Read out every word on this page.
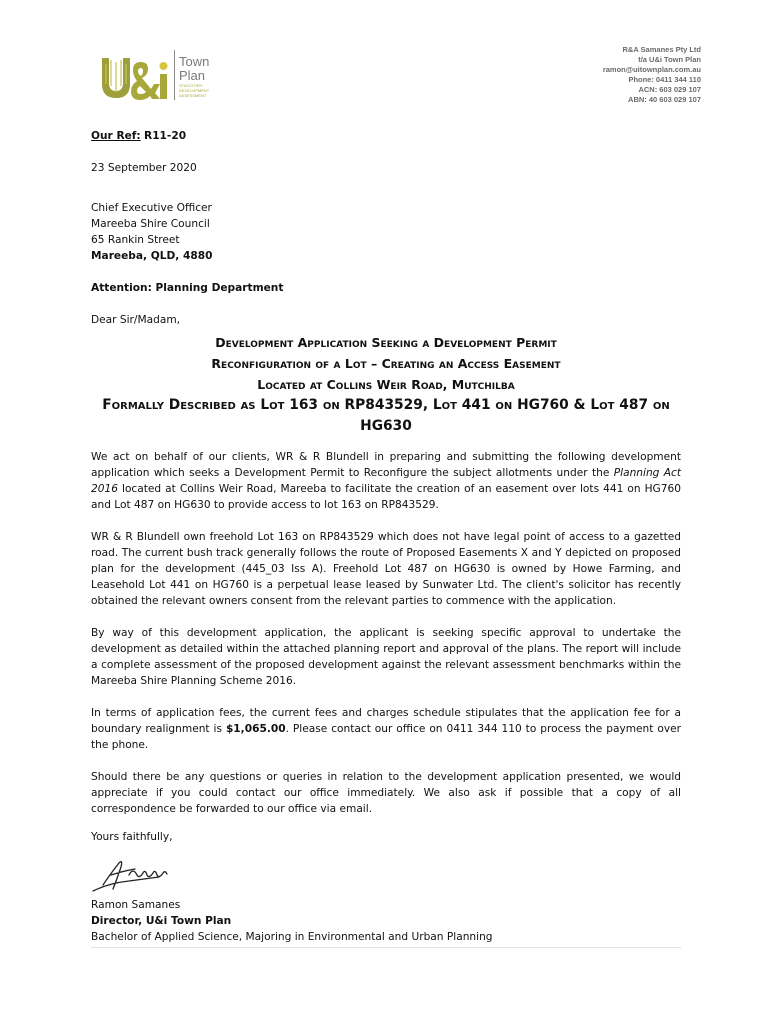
Town
Plan
STATUTORY
DEVELOPMENT
ASSESSMENT
R&A Samanes Pty Ltd
t/a U&i Town Plan
ramon@uitownplan.com.au
Phone: 0411 344 110
ACN: 603 029 107
ABN: 40 603 029 107

Our Ref: R11-20

23 September 2020

Chief Executive Officer

Mareeba Shire Council

65 Rankin Street

Mareeba, QLD, 4880

Attention: Planning Department

Dear Sir/Madam,

Development Application Seeking a Development Permit

Reconfiguration of a Lot – Creating an Access Easement

Located at Collins Weir Road, Mutchilba

Formally Described as Lot 163 on RP843529, Lot 441 on HG760 & Lot 487 on HG630

We act on behalf of our clients, WR & R Blundell in preparing and submitting the following development application which seeks a Development Permit to Reconfigure the subject allotments under the Planning Act 2016 located at Collins Weir Road, Mareeba to facilitate the creation of an easement over lots 441 on HG760 and Lot 487 on HG630 to provide access to lot 163 on RP843529.

WR & R Blundell own freehold Lot 163 on RP843529 which does not have legal point of access to a gazetted road. The current bush track generally follows the route of Proposed Easements X and Y depicted on proposed plan for the development (445_03 Iss A). Freehold Lot 487 on HG630 is owned by Howe Farming, and Leasehold Lot 441 on HG760 is a perpetual lease leased by Sunwater Ltd. The client's solicitor has recently obtained the relevant owners consent from the relevant parties to commence with the application.

By way of this development application, the applicant is seeking specific approval to undertake the development as detailed within the attached planning report and approval of the plans. The report will include a complete assessment of the proposed development against the relevant assessment benchmarks within the Mareeba Shire Planning Scheme 2016.

In terms of application fees, the current fees and charges schedule stipulates that the application fee for a boundary realignment is $1,065.00. Please contact our office on 0411 344 110 to process the payment over the phone.

Should there be any questions or queries in relation to the development application presented, we would appreciate if you could contact our office immediately. We also ask if possible that a copy of all correspondence be forwarded to our office via email.

Yours faithfully,

Ramon Samanes

Director, U&i Town Plan

Bachelor of Applied Science, Majoring in Environmental and Urban Planning
